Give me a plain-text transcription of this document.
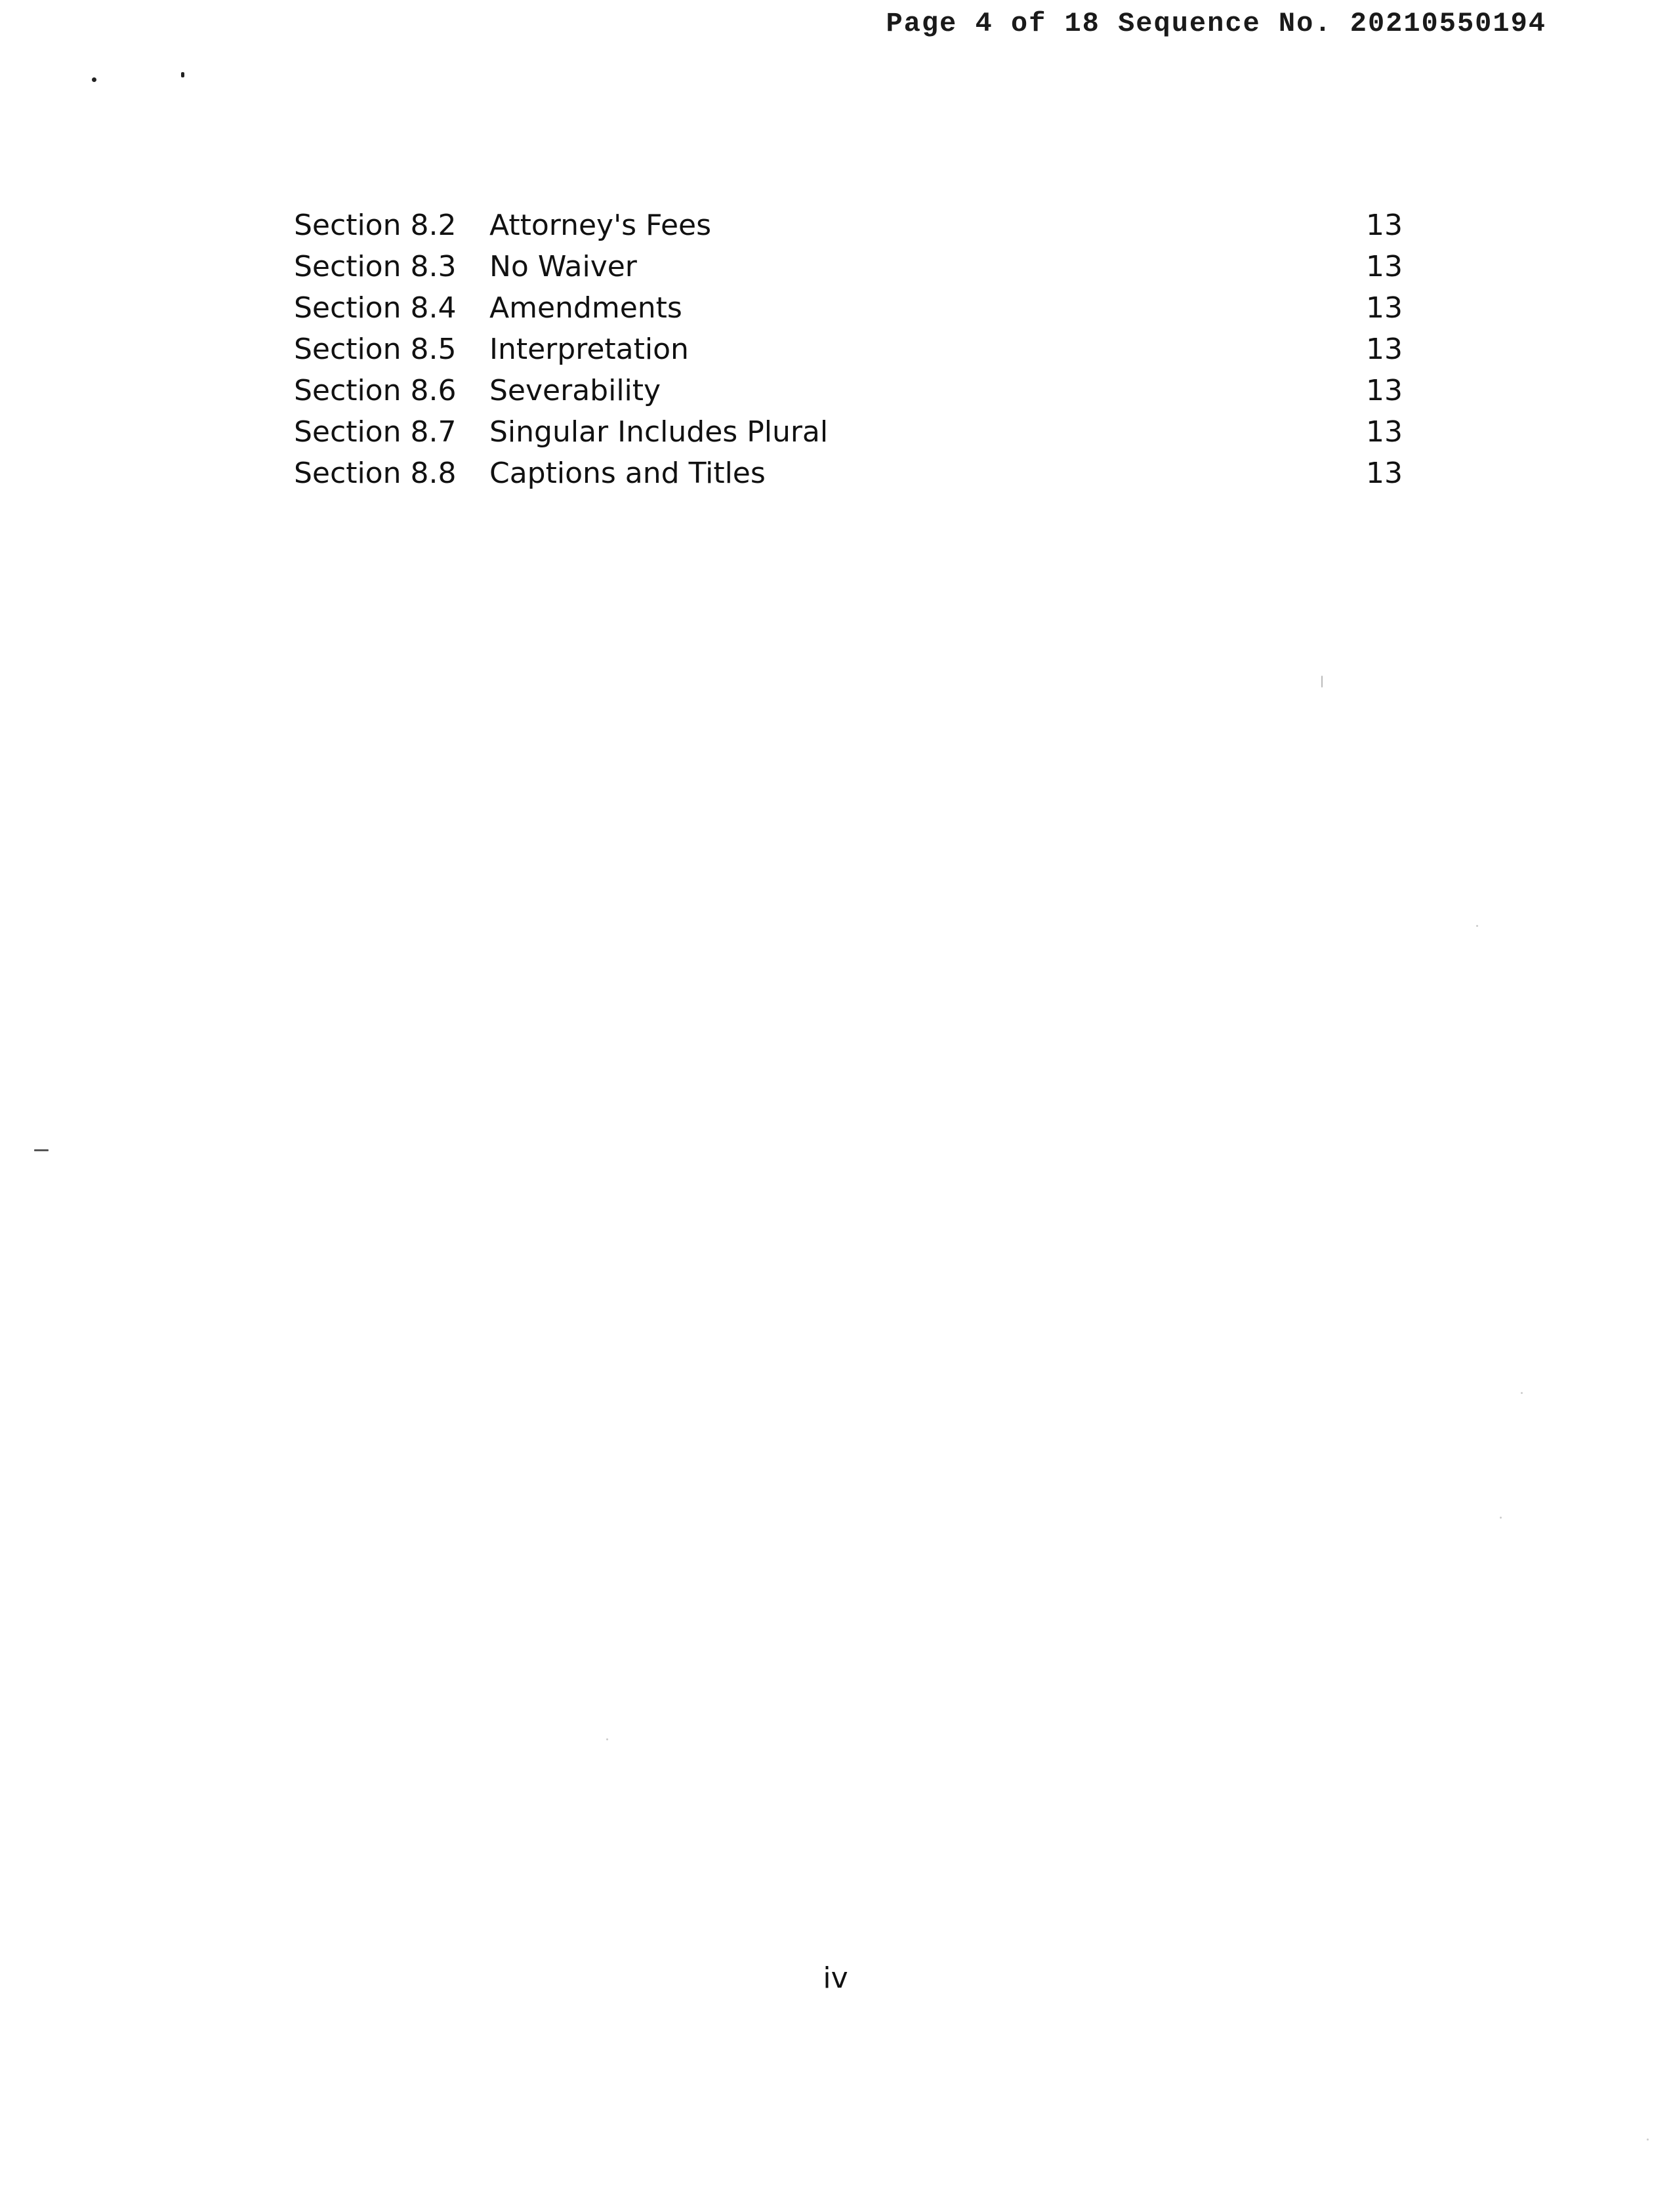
Page 4 of 18 Sequence No. 20210550194
Section 8.2	Attorney's Fees	13
Section 8.3	No Waiver	13
Section 8.4	Amendments	13
Section 8.5	Interpretation	13
Section 8.6	Severability	13
Section 8.7	Singular Includes Plural	13
Section 8.8	Captions and Titles	13
iv
